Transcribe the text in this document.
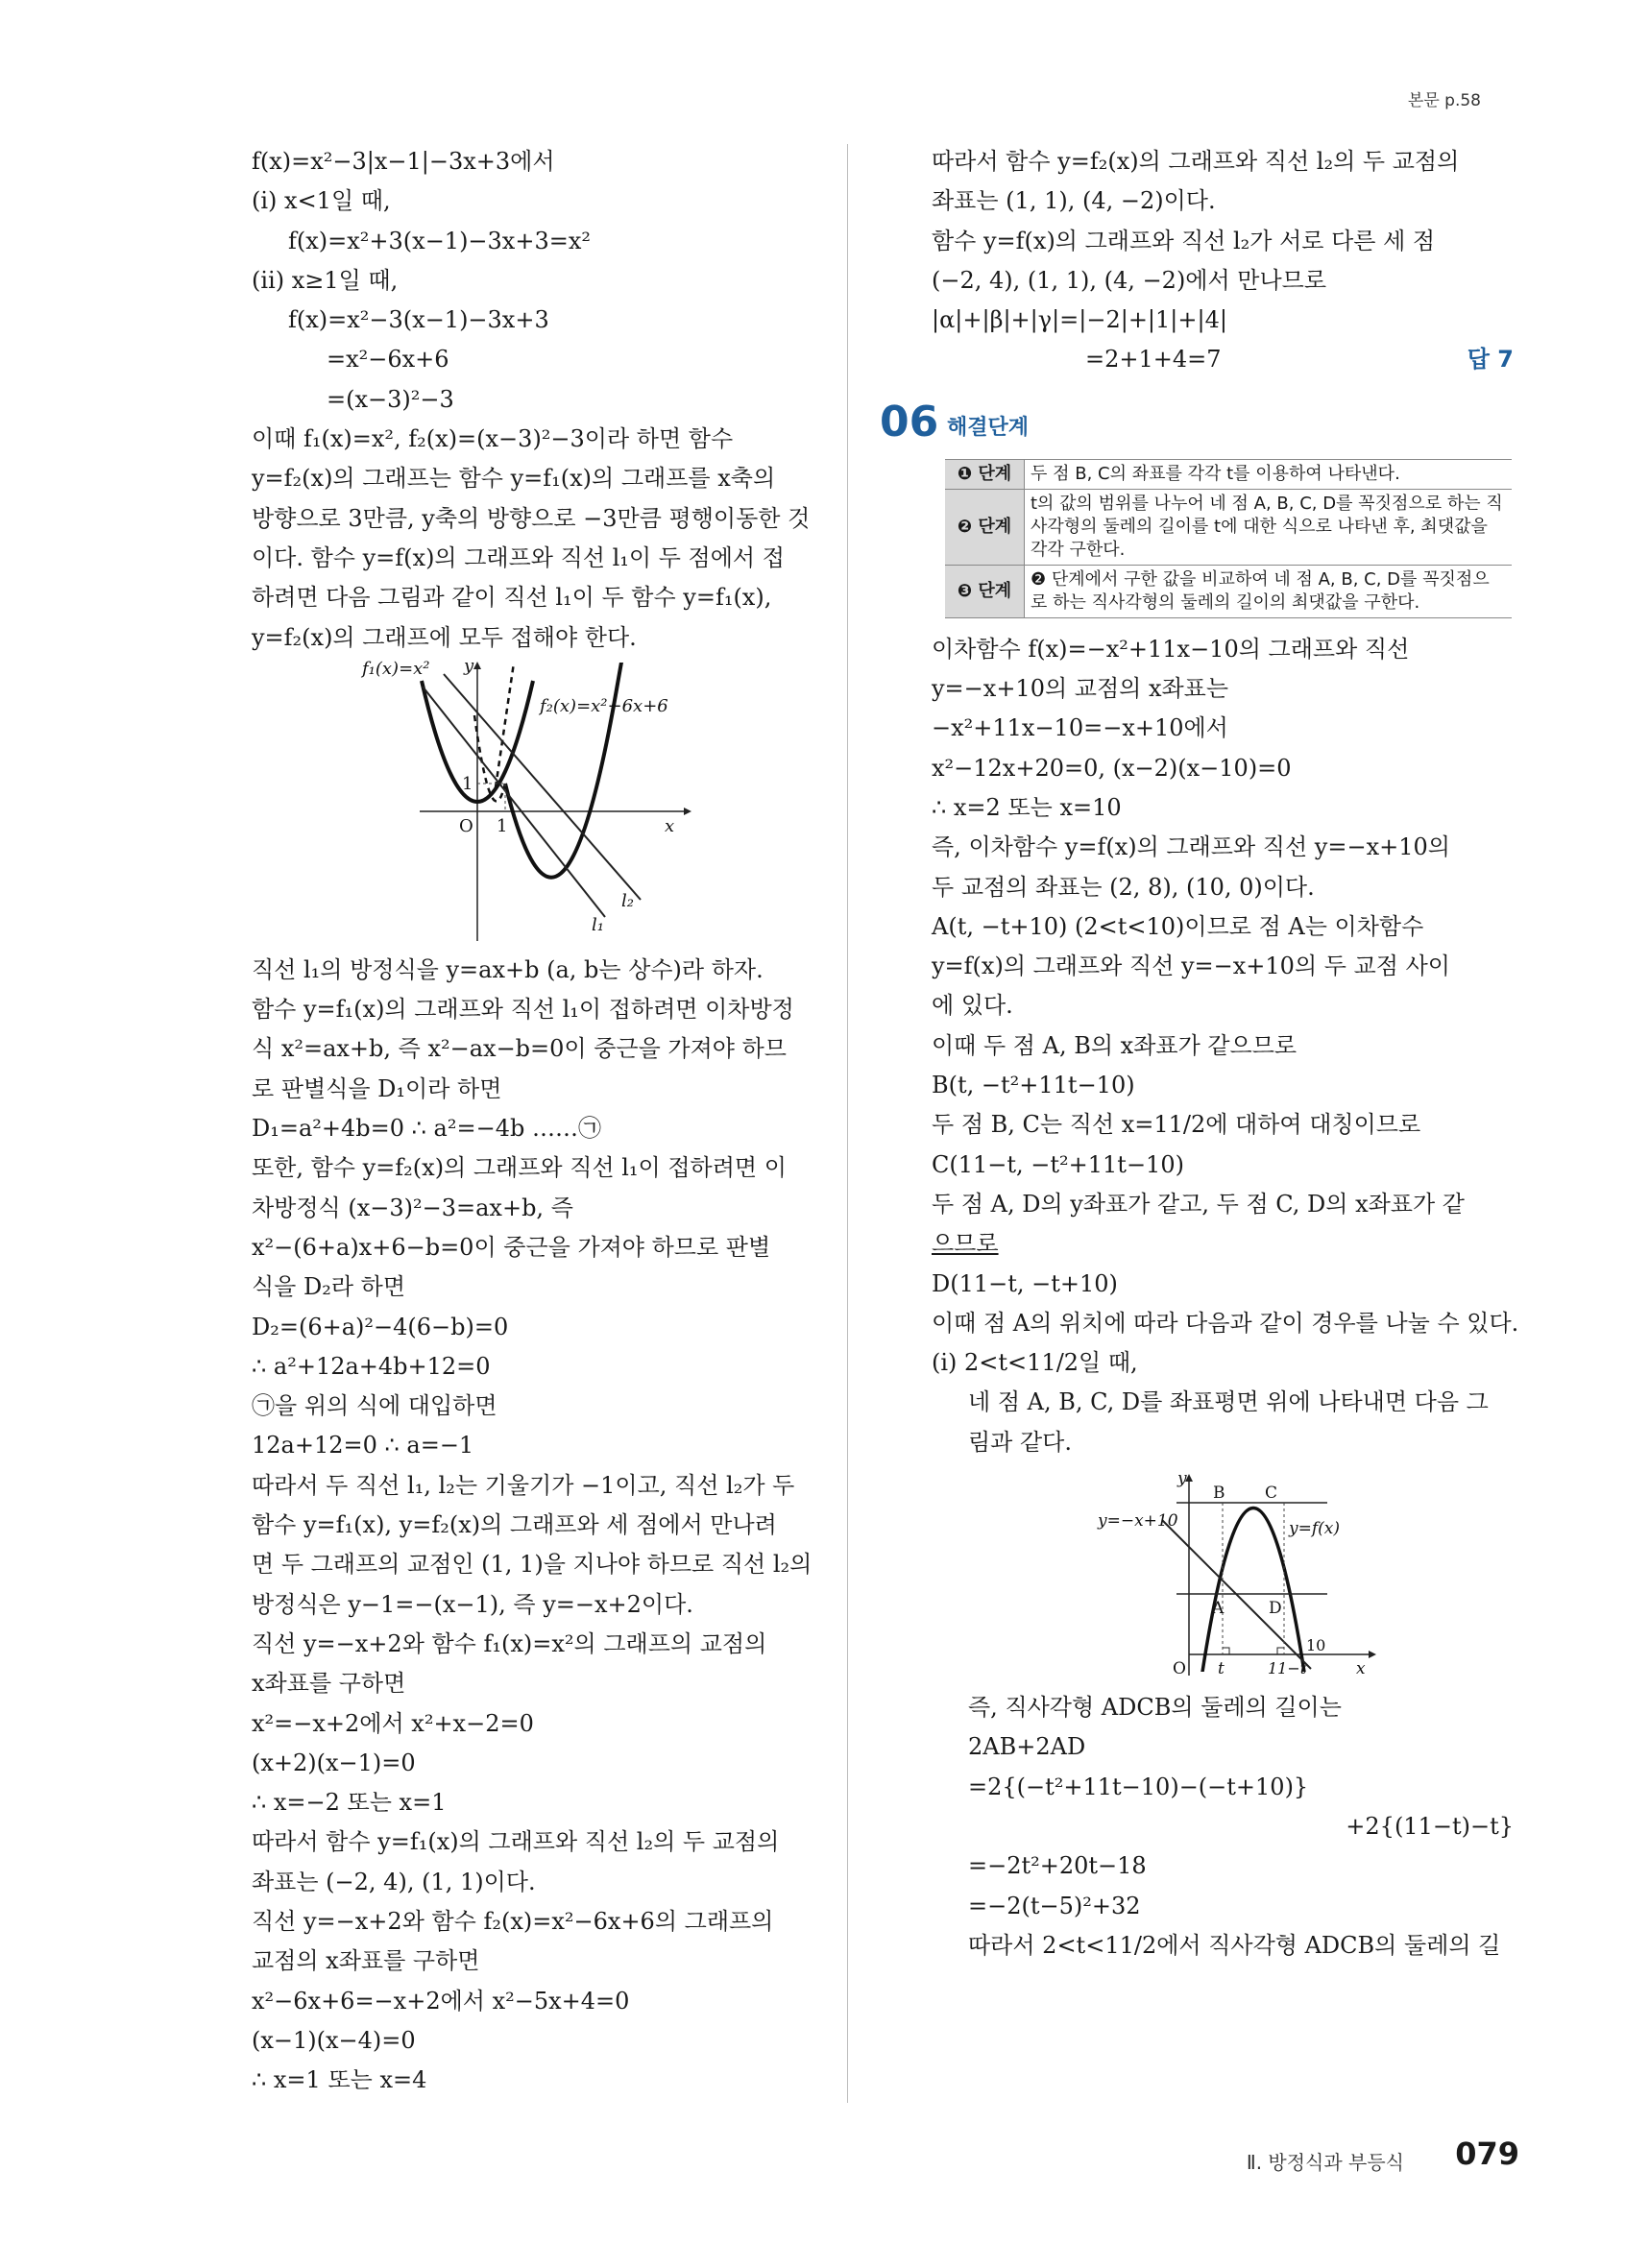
본문 p.58
f(x)=x²−3|x−1|−3x+3에서
(ⅰ) x<1일 때,
f(x)=x²+3(x−1)−3x+3=x²
(ⅱ) x≥1일 때,
f(x)=x²−3(x−1)−3x+3
=x²−6x+6
=(x−3)²−3
이때 f₁(x)=x², f₂(x)=(x−3)²−3이라 하면 함수
y=f₂(x)의 그래프는 함수 y=f₁(x)의 그래프를 x축의
방향으로 3만큼, y축의 방향으로 −3만큼 평행이동한 것
이다. 함수 y=f(x)의 그래프와 직선 l₁이 두 점에서 접
하려면 다음 그림과 같이 직선 l₁이 두 함수 y=f₁(x),
y=f₂(x)의 그래프에 모두 접해야 한다.
f₁(x)=x² y
f₂(x)=x²−6x+6
1
O 1	x
l₂
l₁
직선 l₁의 방정식을 y=ax+b (a, b는 상수)라 하자.
함수 y=f₁(x)의 그래프와 직선 l₁이 접하려면 이차방정
식 x²=ax+b, 즉 x²−ax−b=0이 중근을 가져야 하므
로 판별식을 D₁이라 하면
D₁=a²+4b=0 ∴ a²=−4b ……㉠
또한, 함수 y=f₂(x)의 그래프와 직선 l₁이 접하려면 이
차방정식 (x−3)²−3=ax+b, 즉
x²−(6+a)x+6−b=0이 중근을 가져야 하므로 판별
식을 D₂라 하면
D₂=(6+a)²−4(6−b)=0
∴ a²+12a+4b+12=0
㉠을 위의 식에 대입하면
12a+12=0 ∴ a=−1
따라서 두 직선 l₁, l₂는 기울기가 −1이고, 직선 l₂가 두
함수 y=f₁(x), y=f₂(x)의 그래프와 세 점에서 만나려
면 두 그래프의 교점인 (1, 1)을 지나야 하므로 직선 l₂의
방정식은 y−1=−(x−1), 즉 y=−x+2이다.
직선 y=−x+2와 함수 f₁(x)=x²의 그래프의 교점의
x좌표를 구하면
x²=−x+2에서 x²+x−2=0
(x+2)(x−1)=0
∴ x=−2 또는 x=1
따라서 함수 y=f₁(x)의 그래프와 직선 l₂의 두 교점의
좌표는 (−2, 4), (1, 1)이다.
직선 y=−x+2와 함수 f₂(x)=x²−6x+6의 그래프의
교점의 x좌표를 구하면
x²−6x+6=−x+2에서 x²−5x+4=0
(x−1)(x−4)=0
∴ x=1 또는 x=4
따라서 함수 y=f₂(x)의 그래프와 직선 l₂의 두 교점의
좌표는 (1, 1), (4, −2)이다.
함수 y=f(x)의 그래프와 직선 l₂가 서로 다른 세 점
(−2, 4), (1, 1), (4, −2)에서 만나므로
|α|+|β|+|γ|=|−2|+|1|+|4|
=2+1+4=7	답 7
06 해결단계
❶ 단계	두 점 B, C의 좌표를 각각 t를 이용하여 나타낸다.
❷ 단계	t의 값의 범위를 나누어 네 점 A, B, C, D를 꼭짓점으로 하는 직사각형의 둘레의 길이를 t에 대한 식으로 나타낸 후, 최댓값을 각각 구한다.
❸ 단계	❷ 단계에서 구한 값을 비교하여 네 점 A, B, C, D를 꼭짓점으로 하는 직사각형의 둘레의 길이의 최댓값을 구한다.
이차함수 f(x)=−x²+11x−10의 그래프와 직선
y=−x+10의 교점의 x좌표는
−x²+11x−10=−x+10에서
x²−12x+20=0, (x−2)(x−10)=0
∴ x=2 또는 x=10
즉, 이차함수 y=f(x)의 그래프와 직선 y=−x+10의
두 교점의 좌표는 (2, 8), (10, 0)이다.
A(t, −t+10) (2<t<10)이므로 점 A는 이차함수
y=f(x)의 그래프와 직선 y=−x+10의 두 교점 사이
에 있다.
이때 두 점 A, B의 x좌표가 같으므로
B(t, −t²+11t−10)
두 점 B, C는 직선 x=11/2에 대하여 대칭이므로
C(11−t, −t²+11t−10)
두 점 A, D의 y좌표가 같고, 두 점 C, D의 x좌표가 같
으므로
D(11−t, −t+10)
이때 점 A의 위치에 따라 다음과 같이 경우를 나눌 수 있다.
(ⅰ) 2<t<11/2일 때,
네 점 A, B, C, D를 좌표평면 위에 나타내면 다음 그
림과 같다.
y
B C
y=−x+10	y=f(x)
A	D
10
O t	11−t	x
즉, 직사각형 ADCB의 둘레의 길이는
2AB+2AD
=2{(−t²+11t−10)−(−t+10)}
+2{(11−t)−t}
=−2t²+20t−18
=−2(t−5)²+32
따라서 2<t<11/2에서 직사각형 ADCB의 둘레의 길
Ⅱ. 방정식과 부등식 079
